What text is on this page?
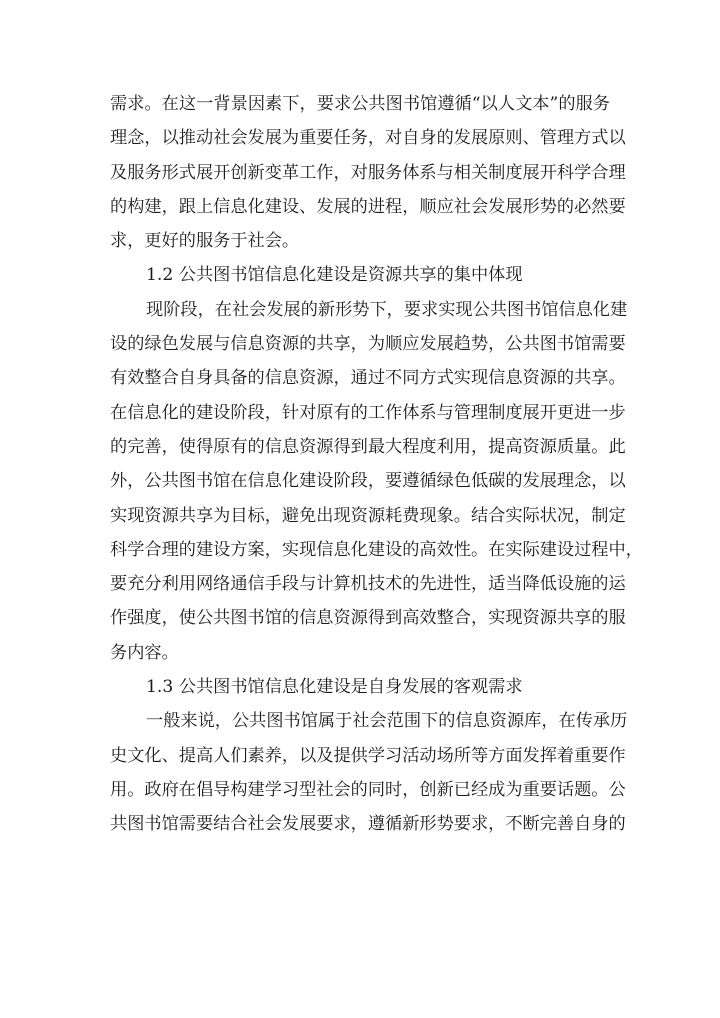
需求。在这一背景因素下，要求公共图书馆遵循“以人文本”的服务
理念，以推动社会发展为重要任务，对自身的发展原则、管理方式以
及服务形式展开创新变革工作，对服务体系与相关制度展开科学合理
的构建，跟上信息化建设、发展的进程，顺应社会发展形势的必然要
求，更好的服务于社会。
1.2 公共图书馆信息化建设是资源共享的集中体现
现阶段，在社会发展的新形势下，要求实现公共图书馆信息化建
设的绿色发展与信息资源的共享，为顺应发展趋势，公共图书馆需要
有效整合自身具备的信息资源，通过不同方式实现信息资源的共享。
在信息化的建设阶段，针对原有的工作体系与管理制度展开更进一步
的完善，使得原有的信息资源得到最大程度利用，提高资源质量。此
外，公共图书馆在信息化建设阶段，要遵循绿色低碳的发展理念，以
实现资源共享为目标，避免出现资源耗费现象。结合实际状况，制定
科学合理的建设方案，实现信息化建设的高效性。在实际建设过程中，
要充分利用网络通信手段与计算机技术的先进性，适当降低设施的运
作强度，使公共图书馆的信息资源得到高效整合，实现资源共享的服
务内容。
1.3 公共图书馆信息化建设是自身发展的客观需求
一般来说，公共图书馆属于社会范围下的信息资源库，在传承历
史文化、提高人们素养，以及提供学习活动场所等方面发挥着重要作
用。政府在倡导构建学习型社会的同时，创新已经成为重要话题。公
共图书馆需要结合社会发展要求，遵循新形势要求，不断完善自身的
